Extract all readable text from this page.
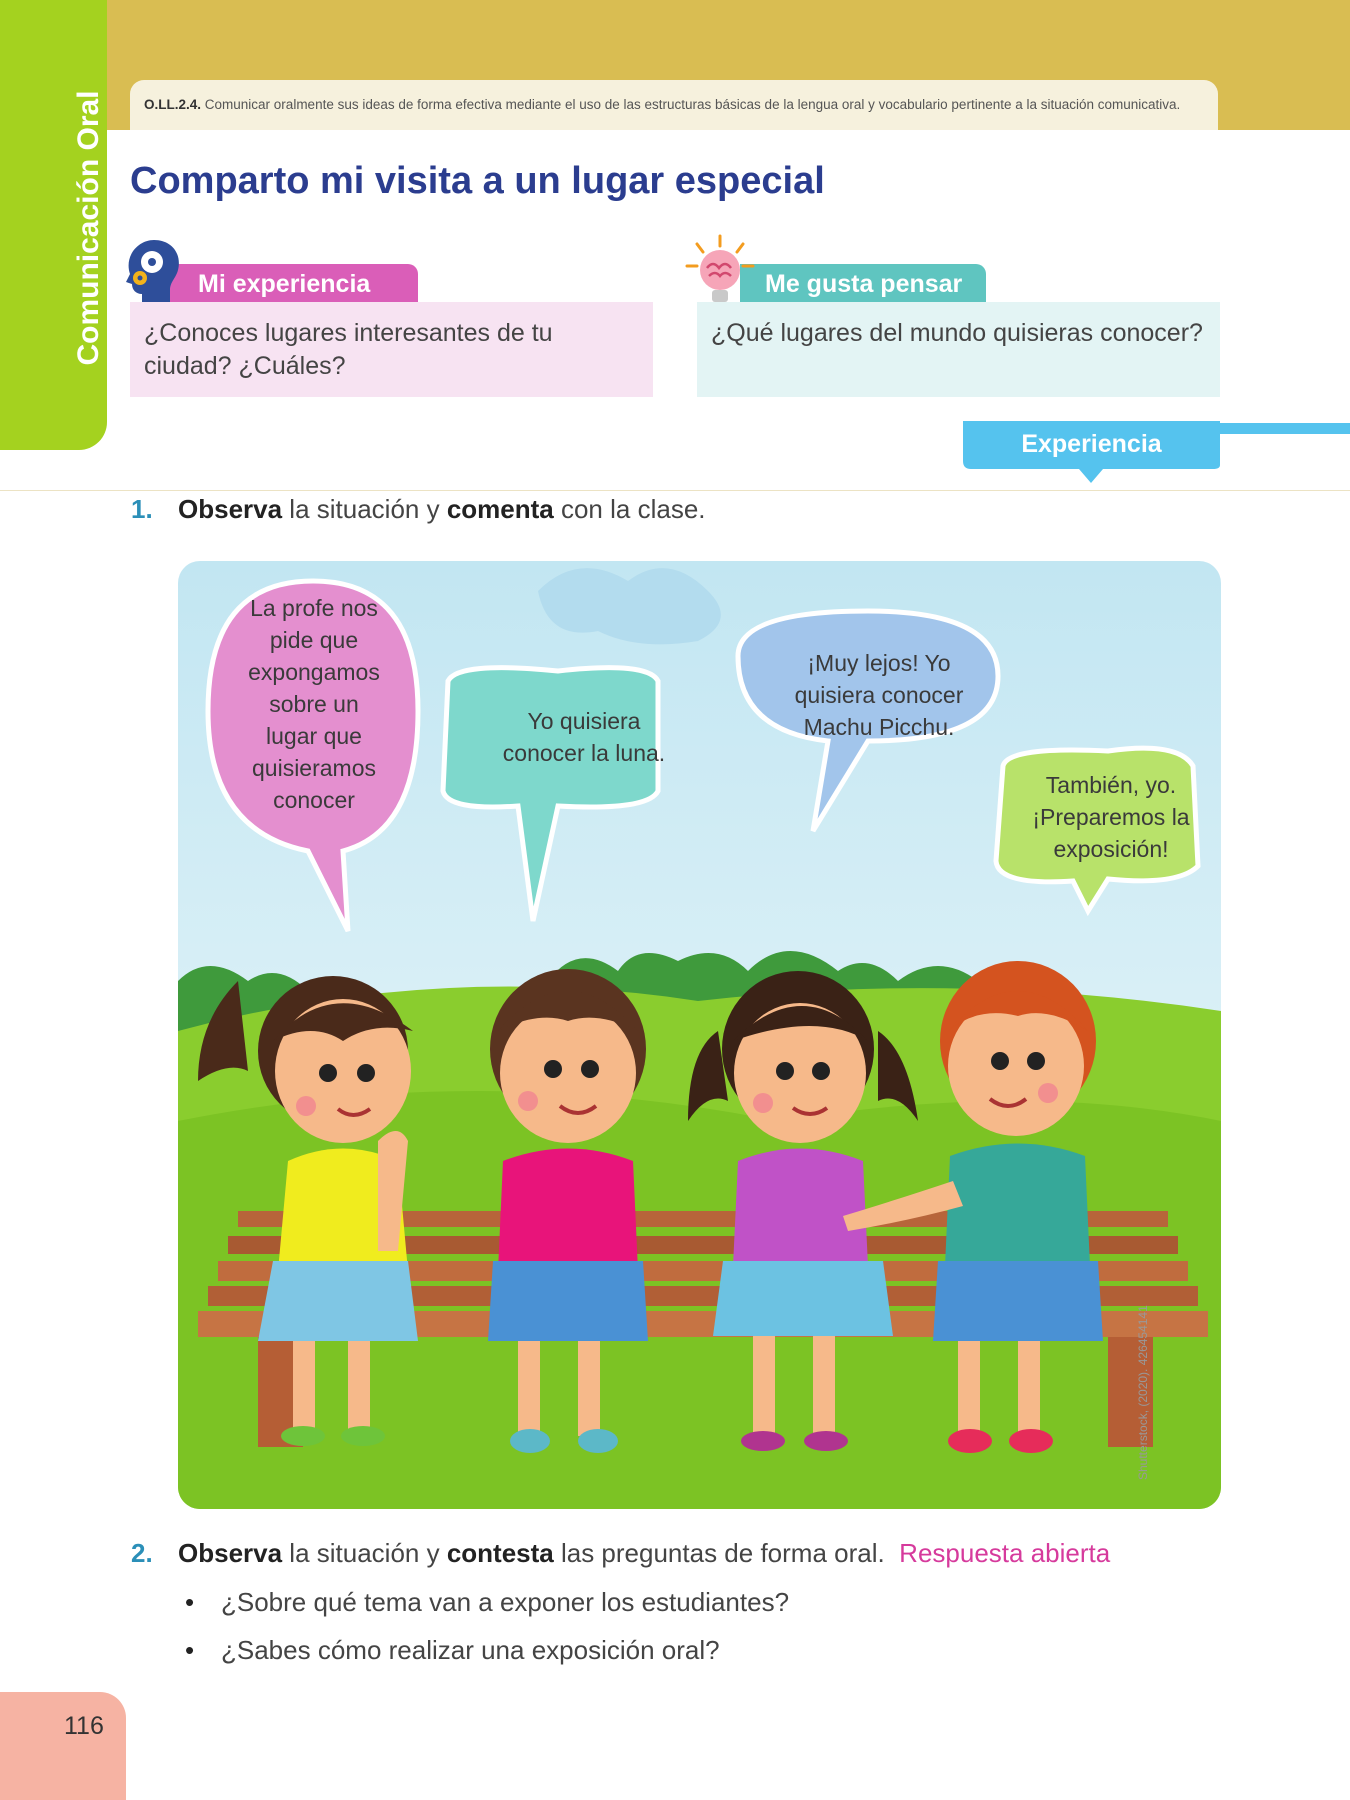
Comunicación Oral	O.LL.2.4. Comunicar oralmente sus ideas de forma efectiva mediante el uso de las estructuras básicas de la lengua oral y vocabulario pertinente a la situación comunicativa.
Comparto mi visita a un lugar especial
Mi experiencia
¿Conoces lugares interesantes de tu
ciudad? ¿Cuáles?
Me gusta pensar
¿Qué lugares del mundo quisieras conocer?
Experiencia
1. Observa la situación y comenta con la clase.
La profe nos
pide que
expongamos
sobre un
lugar que
quisieramos
conocer
Yo quisiera
conocer la luna.
¡Muy lejos! Yo
quisiera conocer
Machu Picchu.
También, yo.
¡Preparemos la
exposición!
Shutterstock, (2020). 426454141
2. Observa la situación y contesta las preguntas de forma oral. Respuesta abierta
• ¿Sobre qué tema van a exponer los estudiantes?
• ¿Sabes cómo realizar una exposición oral?
116
